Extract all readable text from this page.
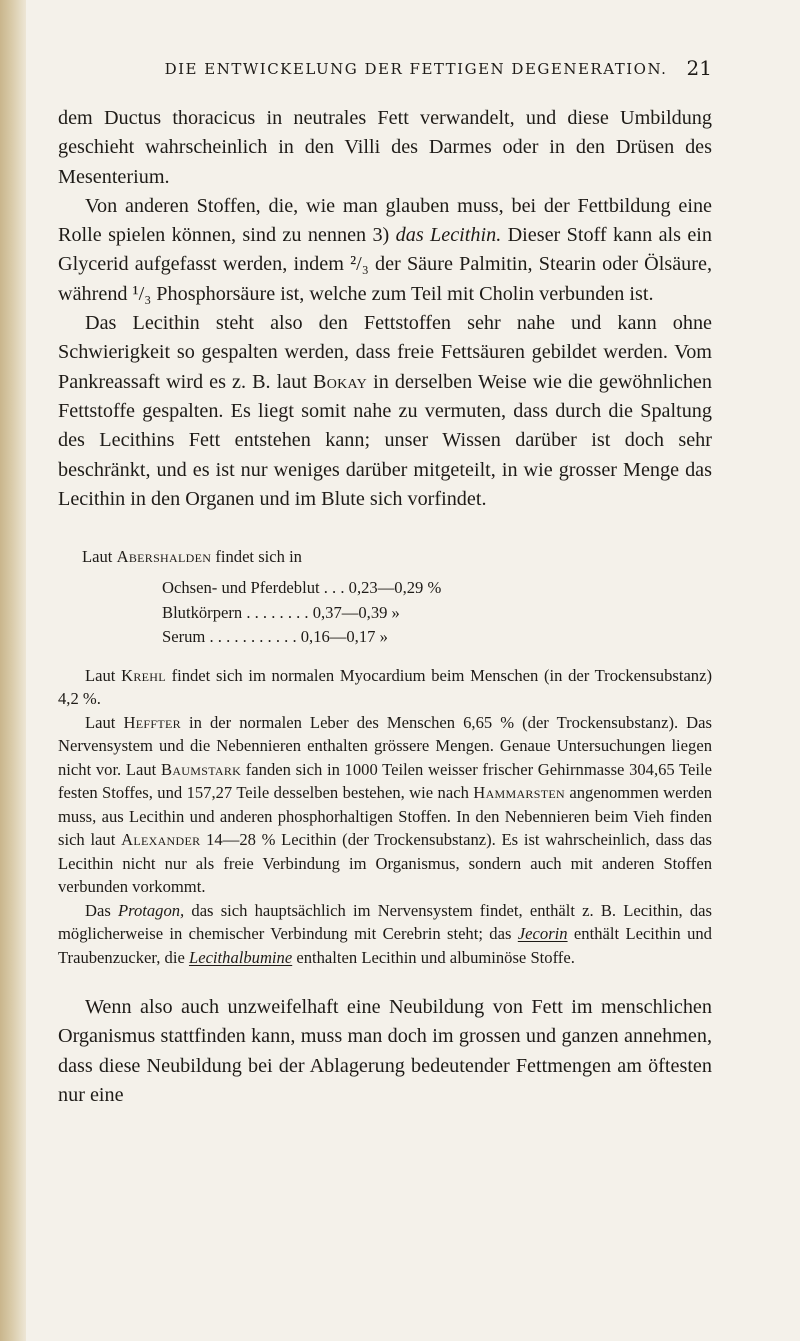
DIE ENTWICKELUNG DER FETTIGEN DEGENERATION. 21

dem Ductus thoracicus in neutrales Fett verwandelt, und diese Umbildung geschieht wahrscheinlich in den Villi des Darmes oder in den Drüsen des Mesenterium.

Von anderen Stoffen, die, wie man glauben muss, bei der Fettbildung eine Rolle spielen können, sind zu nennen 3) das Lecithin. Dieser Stoff kann als ein Glycerid aufgefasst werden, indem ²/₃ der Säure Palmitin, Stearin oder Ölsäure, während ¹/₃ Phosphorsäure ist, welche zum Teil mit Cholin verbunden ist.

Das Lecithin steht also den Fettstoffen sehr nahe und kann ohne Schwierigkeit so gespalten werden, dass freie Fettsäuren gebildet werden. Vom Pankreassaft wird es z. B. laut Bokay in derselben Weise wie die gewöhnlichen Fettstoffe gespalten. Es liegt somit nahe zu vermuten, dass durch die Spaltung des Lecithins Fett entstehen kann; unser Wissen darüber ist doch sehr beschränkt, und es ist nur weniges darüber mitgeteilt, in wie grosser Menge das Lecithin in den Organen und im Blute sich vorfindet.

Laut Abershalden findet sich in

Ochsen- und Pferdeblut . . . 0,23—0,29 %
Blutkörpern . . . . . . . . 0,37—0,39 »
Serum . . . . . . . . . . . 0,16—0,17 »

Laut Krehl findet sich im normalen Myocardium beim Menschen (in der Trockensubstanz) 4,2 %.

Laut Heffter in der normalen Leber des Menschen 6,65 % (der Trockensubstanz). Das Nervensystem und die Nebennieren enthalten grössere Mengen. Genaue Untersuchungen liegen nicht vor. Laut Baumstark fanden sich in 1000 Teilen weisser frischer Gehirnmasse 304,65 Teile festen Stoffes, und 157,27 Teile desselben bestehen, wie nach Hammarsten angenommen werden muss, aus Lecithin und anderen phosphorhaltigen Stoffen. In den Nebennieren beim Vieh finden sich laut Alexander 14—28 % Lecithin (der Trockensubstanz). Es ist wahrscheinlich, dass das Lecithin nicht nur als freie Verbindung im Organismus, sondern auch mit anderen Stoffen verbunden vorkommt.

Das Protagon, das sich hauptsächlich im Nervensystem findet, enthält z. B. Lecithin, das möglicherweise in chemischer Verbindung mit Cerebrin steht; das Jecorin enthält Lecithin und Traubenzucker, die Lecithalbumine enthalten Lecithin und albuminöse Stoffe.

Wenn also auch unzweifelhaft eine Neubildung von Fett im menschlichen Organismus stattfinden kann, muss man doch im grossen und ganzen annehmen, dass diese Neubildung bei der Ablagerung bedeutender Fettmengen am öftesten nur eine
